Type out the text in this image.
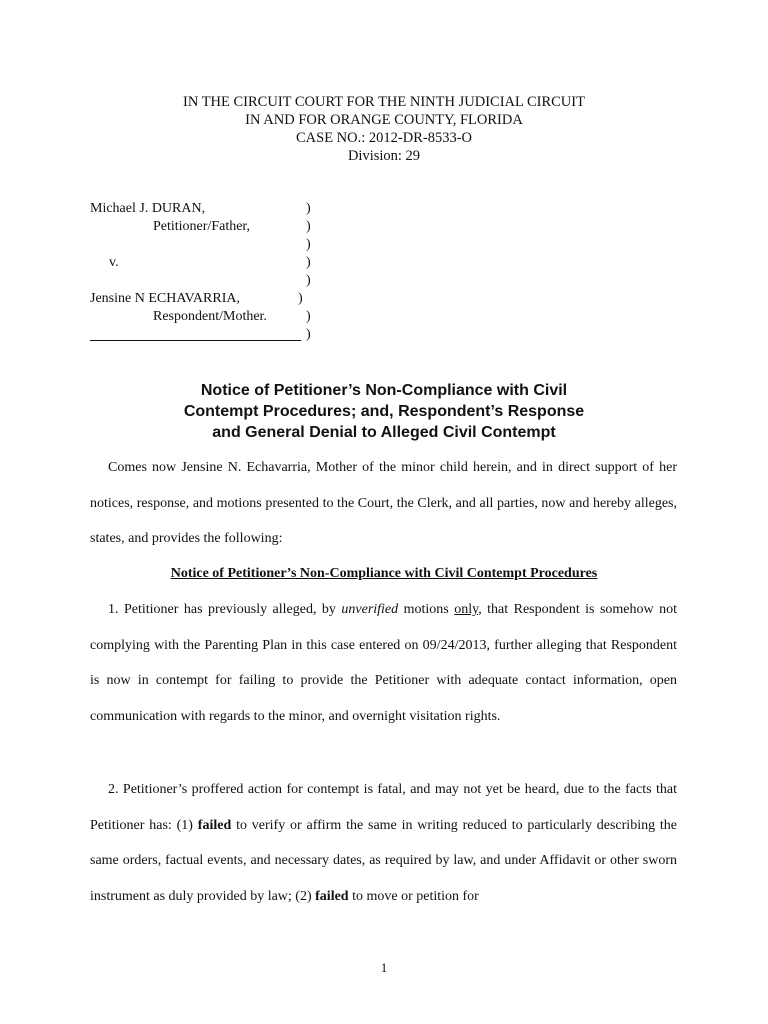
IN THE CIRCUIT COURT FOR THE NINTH JUDICIAL CIRCUIT
IN AND FOR ORANGE COUNTY, FLORIDA
CASE NO.: 2012-DR-8533-O
Division: 29
Michael J. DURAN,	)
Petitioner/Father,	)
)
v.	)
)
Jensine N ECHAVARRIA,	)
Respondent/Mother.	)
)
Notice of Petitioner’s Non-Compliance with Civil
Contempt Procedures; and, Respondent’s Response
and General Denial to Alleged Civil Contempt
Comes now Jensine N. Echavarria, Mother of the minor child herein, and in direct support of her notices, response, and motions presented to the Court, the Clerk, and all parties, now and hereby alleges, states, and provides the following:
Notice of Petitioner’s Non-Compliance with Civil Contempt Procedures
1. Petitioner has previously alleged, by unverified motions only, that Respondent is somehow not complying with the Parenting Plan in this case entered on 09/24/2013, further alleging that Respondent is now in contempt for failing to provide the Petitioner with adequate contact information, open communication with regards to the minor, and overnight visitation rights.
2. Petitioner’s proffered action for contempt is fatal, and may not yet be heard, due to the facts that Petitioner has: (1) failed to verify or affirm the same in writing reduced to particularly describing the same orders, factual events, and necessary dates, as required by law, and under Affidavit or other sworn instrument as duly provided by law; (2) failed to move or petition for
1
